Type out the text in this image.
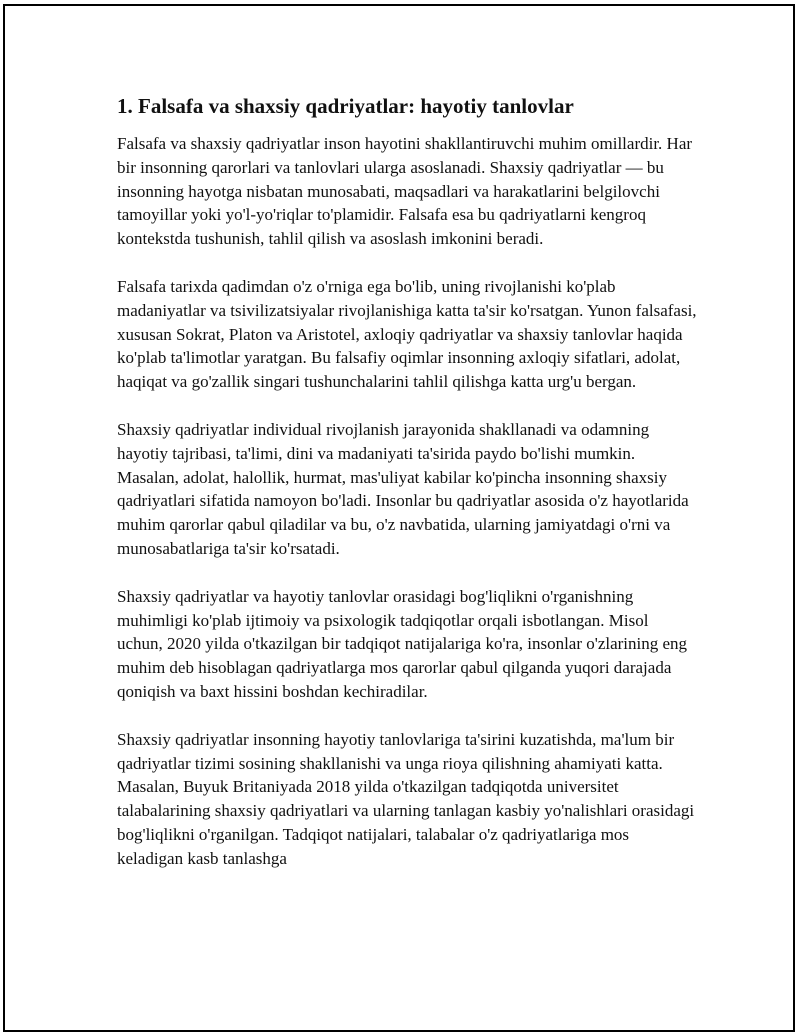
1. Falsafa va shaxsiy qadriyatlar: hayotiy tanlovlar

Falsafa va shaxsiy qadriyatlar inson hayotini shakllantiruvchi muhim omillardir. Har bir insonning qarorlari va tanlovlari ularga asoslanadi. Shaxsiy qadriyatlar — bu insonning hayotga nisbatan munosabati, maqsadlari va harakatlarini belgilovchi tamoyillar yoki yo'l-yo'riqlar to'plamidir. Falsafa esa bu qadriyatlarni kengroq kontekstda tushunish, tahlil qilish va asoslash imkonini beradi.

Falsafa tarixda qadimdan o'z o'rniga ega bo'lib, uning rivojlanishi ko'plab madaniyatlar va tsivilizatsiyalar rivojlanishiga katta ta'sir ko'rsatgan. Yunon falsafasi, xususan Sokrat, Platon va Aristotel, axloqiy qadriyatlar va shaxsiy tanlovlar haqida ko'plab ta'limotlar yaratgan. Bu falsafiy oqimlar insonning axloqiy sifatlari, adolat, haqiqat va go'zallik singari tushunchalarini tahlil qilishga katta urg'u bergan.

Shaxsiy qadriyatlar individual rivojlanish jarayonida shakllanadi va odamning hayotiy tajribasi, ta'limi, dini va madaniyati ta'sirida paydo bo'lishi mumkin. Masalan, adolat, halollik, hurmat, mas'uliyat kabilar ko'pincha insonning shaxsiy qadriyatlari sifatida namoyon bo'ladi. Insonlar bu qadriyatlar asosida o'z hayotlarida muhim qarorlar qabul qiladilar va bu, o'z navbatida, ularning jamiyatdagi o'rni va munosabatlariga ta'sir ko'rsatadi.

Shaxsiy qadriyatlar va hayotiy tanlovlar orasidagi bog'liqlikni o'rganishning muhimligi ko'plab ijtimoiy va psixologik tadqiqotlar orqali isbotlangan. Misol uchun, 2020 yilda o'tkazilgan bir tadqiqot natijalariga ko'ra, insonlar o'zlarining eng muhim deb hisoblagan qadriyatlarga mos qarorlar qabul qilganda yuqori darajada qoniqish va baxt hissini boshdan kechiradilar.

Shaxsiy qadriyatlar insonning hayotiy tanlovlariga ta'sirini kuzatishda, ma'lum bir qadriyatlar tizimi sosining shakllanishi va unga rioya qilishning ahamiyati katta. Masalan, Buyuk Britaniyada 2018 yilda o'tkazilgan tadqiqotda universitet talabalarining shaxsiy qadriyatlari va ularning tanlagan kasbiy yo'nalishlari orasidagi bog'liqlikni o'rganilgan. Tadqiqot natijalari, talabalar o'z qadriyatlariga mos keladigan kasb tanlashga
